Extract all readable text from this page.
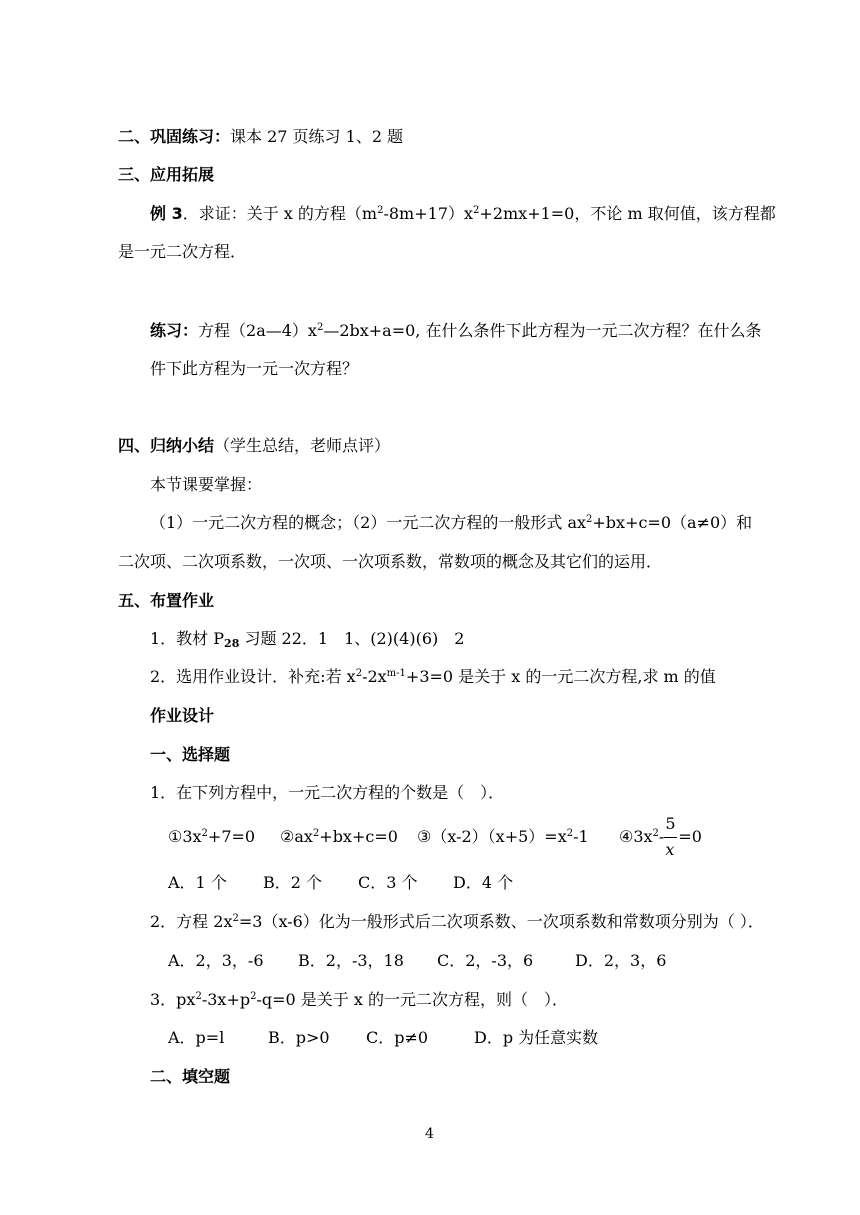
二、巩固练习：课本 27 页练习 1、2 题
三、应用拓展
例 3．求证：关于 x 的方程$(m^2-8m+17)x^2+2mx+1=0$，不论 m 取何值，该方程都
是一元二次方程．
练习：方程$(2a—4)x^2—2bx+a=0$, 在什么条件下此方程为一元二次方程？在什么条
件下此方程为一元一次方程？
四、归纳小结（学生总结，老师点评）
本节课要掌握：
（1）一元二次方程的概念；（2）一元二次方程的一般形式 $ax^2+bx+c=0(a\ne 0)$和
二次项、二次项系数，一次项、一次项系数，常数项的概念及其它们的运用．
五、布置作业
1．教材 $P_{28}$ 习题 22．1　1、(2)(4)(6)　2
2．选用作业设计．补充:若 $x^2-2x^{m-1}+3=0$ 是关于 x 的一元二次方程,求 m 的值
作业设计
一、选择题
1．在下列方程中，一元二次方程的个数是（　）．
$①3x^2+7=0$ $②ax^2+bx+c=0$ $③(x-2)(x+5)=x^2-1$ $④3x^2- \frac{5}{x} =0$
A．1 个 B．2 个 C．3 个 D．4 个
2．方程 $2x^2=3(x-6)$化为一般形式后二次项系数、一次项系数和常数项分别为（ ）．
A．2，3，-6 B．2，-3，18 C．2，-3，6	D．2，3，6
3．$px^2-3x+p^2-q=0$ 是关于 x 的一元二次方程，则（　）．
A．p=l	B．p>0 C．p≠0	D．p 为任意实数
二、填空题
4
